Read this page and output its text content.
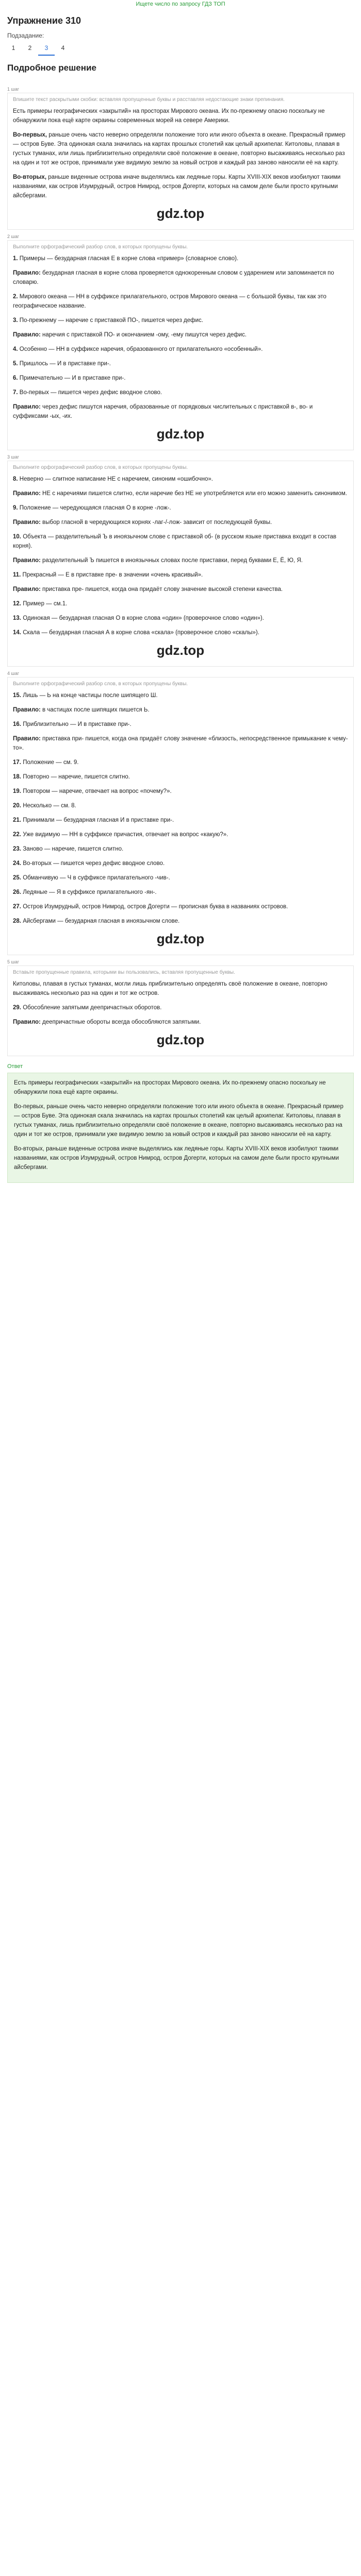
Ищете число по запросу ГДЗ ТОП
Упражнение 310
Подзадание:
1	2	3	4
Подробное решение
1 шаг
Впишите текст раскрытыми скобки: вставляя пропущенные буквы и расставляя недостающие знаки препинания.

Есть примеры географических «закрытий» на просторах Мирового океана. Их по-прежнему опасно поскольку не обнаружили пока ещё карте окраины современных морей на севере Америки.

Во-первых, раньше очень часто неверно определяли положение того или иного объекта в океане. Прекрасный пример — остров Буве. Эта одинокая скала значилась на картах прошлых столетий как целый архипелаг. Китоловы, плавая в густых туманах, или лишь приблизительно определяли своё положение в океане, повторно высаживаясь несколько раз на один и тот же остров, принимали уже видимую землю за новый остров и каждый раз заново наносили её на карту.

Во-вторых, раньше виденные острова иначе выделялись как ледяные горы. Карты XVIII-XIX веков изобилуют такими названиями, как остров Изумрудный, остров Нимрод, остров Догерти, которых на самом деле были просто крупными айсбергами.

gdz.top
2 шаг
Выполните орфографический разбор слов, в которых пропущены буквы.

1. Примеры — безударная гласная Е в корне слова «пример» (словарное слово).

Правило: безударная гласная в корне слова проверяется однокоренным словом с ударением или запоминается по словарю.

2. Мирового океана — НН в суффиксе прилагательного, остров Мирового океана — с большой буквы, так как это географическое название.

3. По-прежнему — наречие с приставкой ПО-, пишется через дефис.

Правило: наречия с приставкой ПО- и окончанием -ому, -ему пишутся через дефис.

4. Особенно — НН в суффиксе наречия, образованного от прилагательного «особенный».

5. Пришлось — И в приставке при-.

6. Примечательно — И в приставке при-.

7. Во-первых — пишется через дефис вводное слово.

Правило: через дефис пишутся наречия, образованные от порядковых числительных с приставкой в-, во- и суффиксами -ых, -их.

gdz.top
3 шаг
Выполните орфографический разбор слов, в которых пропущены буквы.

8. Неверно — слитное написание НЕ с наречием, синоним «ошибочно».

Правило: НЕ с наречиями пишется слитно, если наречие без НЕ не употребляется или его можно заменить синонимом.

9. Положение — чередующаяся гласная О в корне -лож-.

Правило: выбор гласной в чередующихся корнях -лаг-/-лож- зависит от последующей буквы.

10. Объекта — разделительный Ъ в иноязычном слове с приставкой об- (в русском языке приставка входит в состав корня).

Правило: разделительный Ъ пишется в иноязычных словах после приставки, перед буквами Е, Ё, Ю, Я.

11. Прекрасный — Е в приставке пре- в значении «очень красивый».

Правило: приставка пре- пишется, когда она придаёт слову значение высокой степени качества.

12. Пример — см.1.

13. Одинокая — безударная гласная О в корне слова «один» (проверочное слово «один»).

14. Скала — безударная гласная А в корне слова «скала» (проверочное слово «скалы»).

gdz.top
4 шаг
Выполните орфографический разбор слов, в которых пропущены буквы.

15. Лишь — Ь на конце частицы после шипящего Ш.

Правило: в частицах после шипящих пишется Ь.

16. Приблизительно — И в приставке при-.

Правило: приставка при- пишется, когда она придаёт слову значение «близость, непосредственное примыкание к чему-то».

17. Положение — см. 9.

18. Повторно — наречие, пишется слитно.

19. Повтором — наречие, отвечает на вопрос «почему?».

20. Несколько — см. 8.

21. Принимали — безударная гласная И в приставке при-.

22. Уже видимую — НН в суффиксе причастия, отвечает на вопрос «какую?».

23. Заново — наречие, пишется слитно.

24. Во-вторых — пишется через дефис вводное слово.

25. Обманчивую — Ч в суффиксе прилагательного -чив-.

26. Ледяные — Я в суффиксе прилагательного -ян-.

27. Остров Изумрудный, остров Нимрод, остров Догерти — прописная буква в названиях островов.

28. Айсбергами — безударная гласная в иноязычном слове.

gdz.top
5 шаг
Вставьте пропущенные правила, которыми вы пользовались, вставляя пропущенные буквы.

Китоловы, плавая в густых туманах, могли лишь приблизительно определять своё положение в океане, повторно высаживаясь несколько раз на один и тот же остров.

29. Обособление запятыми деепричастных оборотов.

Правило: деепричастные обороты всегда обособляются запятыми.

gdz.top
Ответ

Есть примеры географических «закрытий» на просторах Мирового океана. Их по-прежнему опасно поскольку не обнаружили пока ещё карте окраины.

Во-первых, раньше очень часто неверно определяли положение того или иного объекта в океане. Прекрасный пример — остров Буве. Эта одинокая скала значилась на картах прошлых столетий как целый архипелаг. Китоловы, плавая в густых туманах, лишь приблизительно определяли своё положение в океане, повторно высаживаясь несколько раз на один и тот же остров, принимали уже видимую землю за новый остров и каждый раз заново наносили её на карту.

Во-вторых, раньше виденные острова иначе выделялись как ледяные горы. Карты XVIII-XIX веков изобилуют такими названиями, как остров Изумрудный, остров Нимрод, остров Догерти, которых на самом деле были просто крупными айсбергами.
